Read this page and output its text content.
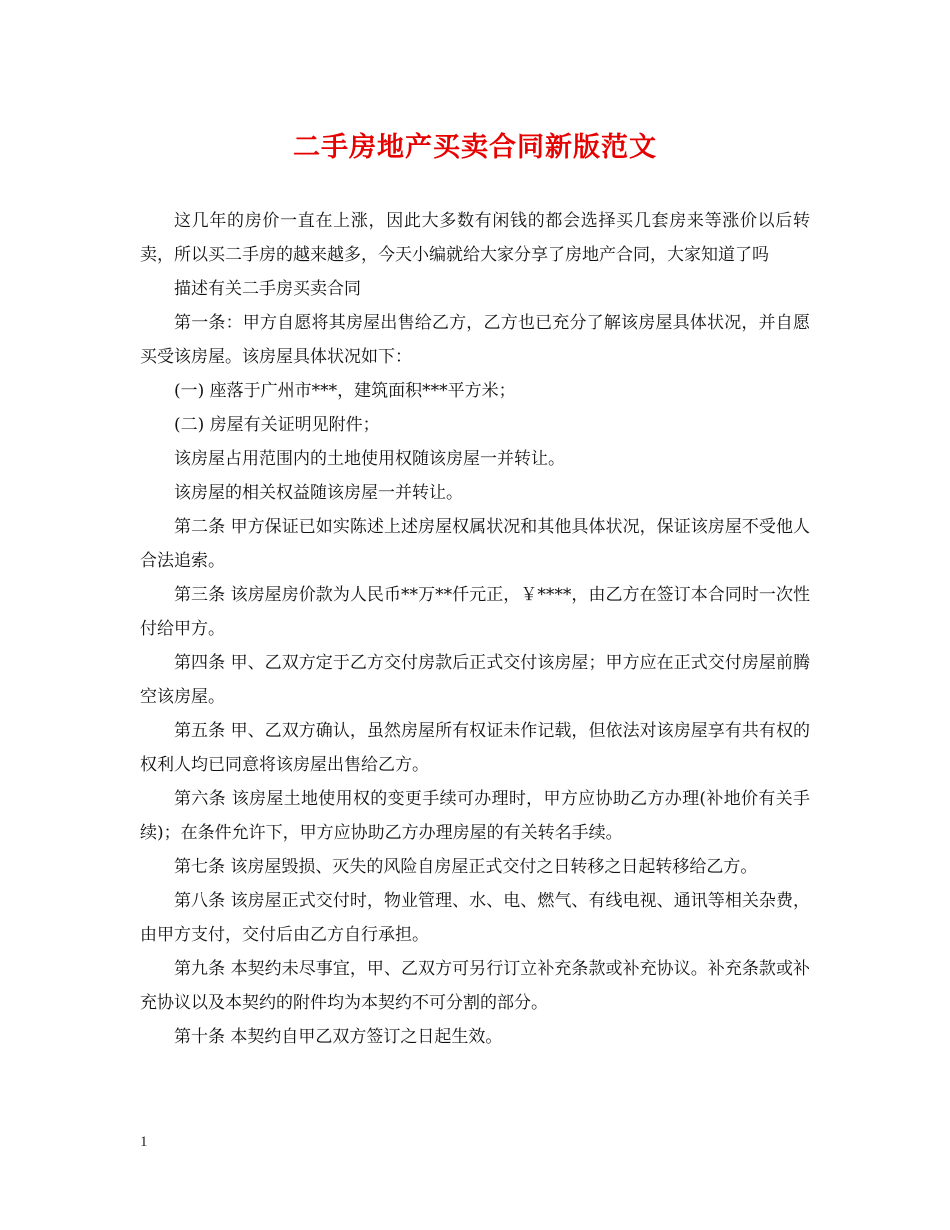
二手房地产买卖合同新版范文

这几年的房价一直在上涨，因此大多数有闲钱的都会选择买几套房来等涨价以后转卖，所以买二手房的越来越多，今天小编就给大家分享了房地产合同，大家知道了吗

描述有关二手房买卖合同

第一条：甲方自愿将其房屋出售给乙方，乙方也已充分了解该房屋具体状况，并自愿买受该房屋。该房屋具体状况如下：

(一) 座落于广州市***，建筑面积***平方米；

(二) 房屋有关证明见附件；

该房屋占用范围内的土地使用权随该房屋一并转让。

该房屋的相关权益随该房屋一并转让。

第二条 甲方保证已如实陈述上述房屋权属状况和其他具体状况，保证该房屋不受他人合法追索。

第三条 该房屋房价款为人民币**万**仟元正，￥****，由乙方在签订本合同时一次性付给甲方。

第四条 甲、乙双方定于乙方交付房款后正式交付该房屋；甲方应在正式交付房屋前腾空该房屋。

第五条 甲、乙双方确认，虽然房屋所有权证未作记载，但依法对该房屋享有共有权的权利人均已同意将该房屋出售给乙方。

第六条 该房屋土地使用权的变更手续可办理时，甲方应协助乙方办理(补地价有关手续)；在条件允许下，甲方应协助乙方办理房屋的有关转名手续。

第七条 该房屋毁损、灭失的风险自房屋正式交付之日转移之日起转移给乙方。

第八条 该房屋正式交付时，物业管理、水、电、燃气、有线电视、通讯等相关杂费，由甲方支付，交付后由乙方自行承担。

第九条 本契约未尽事宜，甲、乙双方可另行订立补充条款或补充协议。补充条款或补充协议以及本契约的附件均为本契约不可分割的部分。

第十条 本契约自甲乙双方签订之日起生效。

1
